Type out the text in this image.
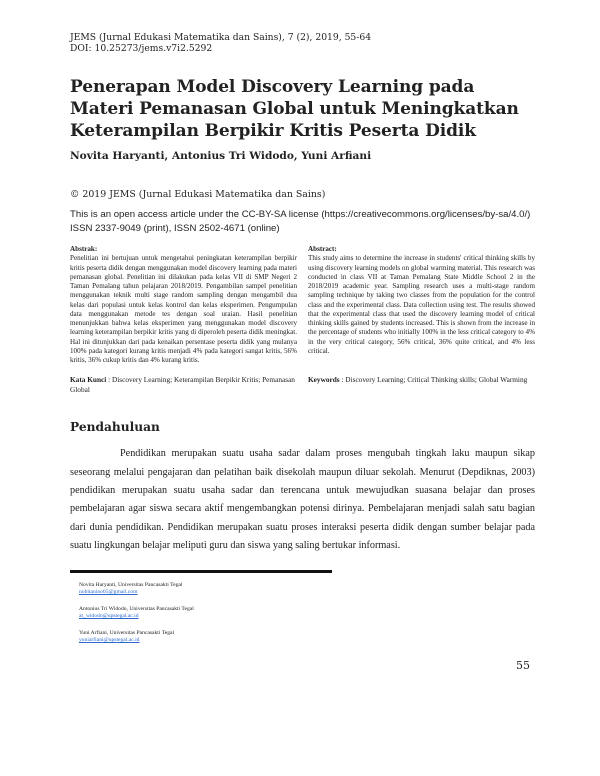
JEMS (Jurnal Edukasi Matematika dan Sains), 7 (2), 2019, 55-64
DOI: 10.25273/jems.v7i2.5292
Penerapan Model Discovery Learning pada Materi Pemanasan Global untuk Meningkatkan Keterampilan Berpikir Kritis Peserta Didik
Novita Haryanti, Antonius Tri Widodo, Yuni Arfiani
© 2019 JEMS (Jurnal Edukasi Matematika dan Sains)
This is an open access article under the CC-BY-SA license (https://creativecommons.org/licenses/by-sa/4.0/) ISSN 2337-9049 (print), ISSN 2502-4671 (online)
Abstrak:
Penelitian ini bertujuan untuk mengetahui peningkatan keterampilan berpikir kritis peserta didik dengan menggunakan model discovery learning pada materi pemanasan global. Penelitian ini dilakukan pada kelas VII di SMP Negeri 2 Taman Pemalang tahun pelajaran 2018/2019. Pengambilan sampel penelitian menggunakan teknik multi stage random sampling dengan mengambil dua kelas dari populasi untuk kelas kontrol dan kelas eksperimen. Pengumpulan data menggunakan metode tes dengan soal uraian. Hasil penelitian menunjukkan bahwa kelas eksperimen yang menggunakan model discovery learning keterampilan berpikir kritis yang di diperoleh peserta didik meningkat. Hal ini ditunjukkan dari pada kenaikan persentase peserta didik yang mulanya 100% pada kategori kurang kritis menjadi 4% pada kategori sangat kritis, 56% kritis, 36% cukup kritis dan 4% kurang kritis.
Abstract:
This study aims to determine the increase in students' critical thinking skills by using discovery learning models on global warming material. This research was conducted in class VII at Taman Pemalang State Middle School 2 in the 2018/2019 academic year. Sampling research uses a multi-stage random sampling technique by taking two classes from the population for the control class and the experimental class. Data collection using test. The results showed that the experimental class that used the discovery learning model of critical thinking skills gained by students increased. This is shown from the increase in the percentage of students who initially 100% in the less critical category to 4% in the very critical category, 56% critical, 36% quite critical, and 4% less critical.
Kata Kunci : Discovery Learning; Keterampilan Berpikir Kritis; Pemanasan Global
Keywords : Discovery Learning; Critical Thinking skills; Global Warming
Pendahuluan
Pendidikan merupakan suatu usaha sadar dalam proses mengubah tingkah laku maupun sikap seseorang melalui pengajaran dan pelatihan baik disekolah maupun diluar sekolah. Menurut (Depdiknas, 2003) pendidikan merupakan suatu usaha sadar dan terencana untuk mewujudkan suasana belajar dan proses pembelajaran agar siswa secara aktif mengembangkan potensi dirinya. Pembelajaran menjadi salah satu bagian dari dunia pendidikan. Pendidikan merupakan suatu proses interaksi peserta didik dengan sumber belajar pada suatu lingkungan belajar meliputi guru dan siswa yang saling bertukar informasi.
Novita Haryanti, Universitas Pancasakti Tegal
nobitanino05@gmail.com
Antonius Tri Widodo, Universitas Pancasakti Tegal
at_widodo@upstegal.ac.id
Yuni Arfiani, Universitas Pancasakti Tegal
yuniarfiani@upstegal.ac.id
55
